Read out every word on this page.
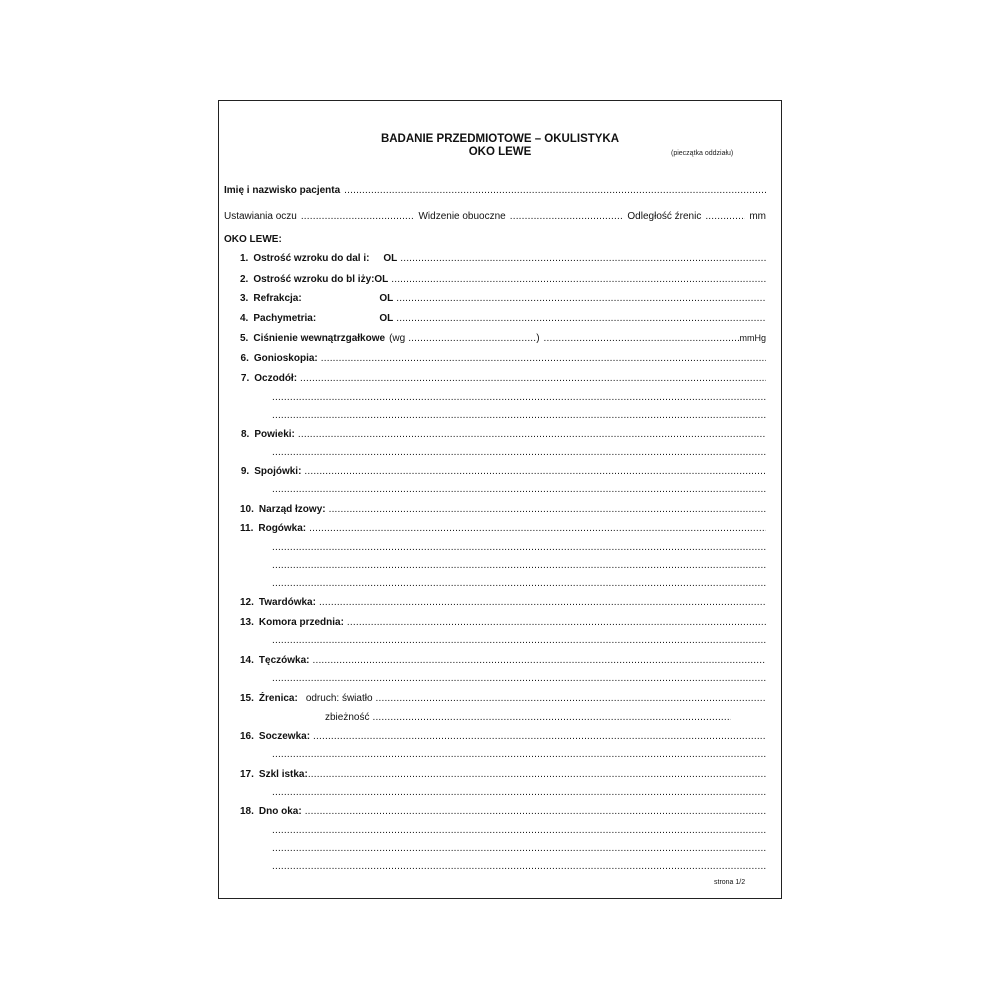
BADANIE PRZEDMIOTOWE – OKULISTYKA
OKO LEWE	(pieczątka oddziału)
Imię i nazwisko pacjenta
.....
Ustawiania oczu .....	Widzenie obuoczne .....	Odległość źrenic .....	mm
OKO LEWE:
1. Ostrość wzroku do dal i:	OL
.....
2. Ostrość wzroku do bl iży: OL
.....
3. Refrakcja:	OL
.....
4. Pachymetria:	OL
.....
5. Ciśnienie wewnątrzgałkowe (wg .....	) .....	mmHg
6. Gonioskopia:
.....
7. Oczodół:
.....
.....
.....
8. Powieki:
.....
.....
9. Spojówki:
.....
.....
10. Narząd łzowy:
.....
11. Rogówka:
.....
.....
.....
.....
12. Twardówka:
.....
13. Komora przednia:
.....
.....
14. Tęczówka:
.....
.....
15. Źrenica: odruch: światło
.....
zbieżność
.....
16. Soczewka:
.....
.....
17. Szkl istka:
.....
.....
18. Dno oka:
.....
.....
.....
.....
strona 1/2
